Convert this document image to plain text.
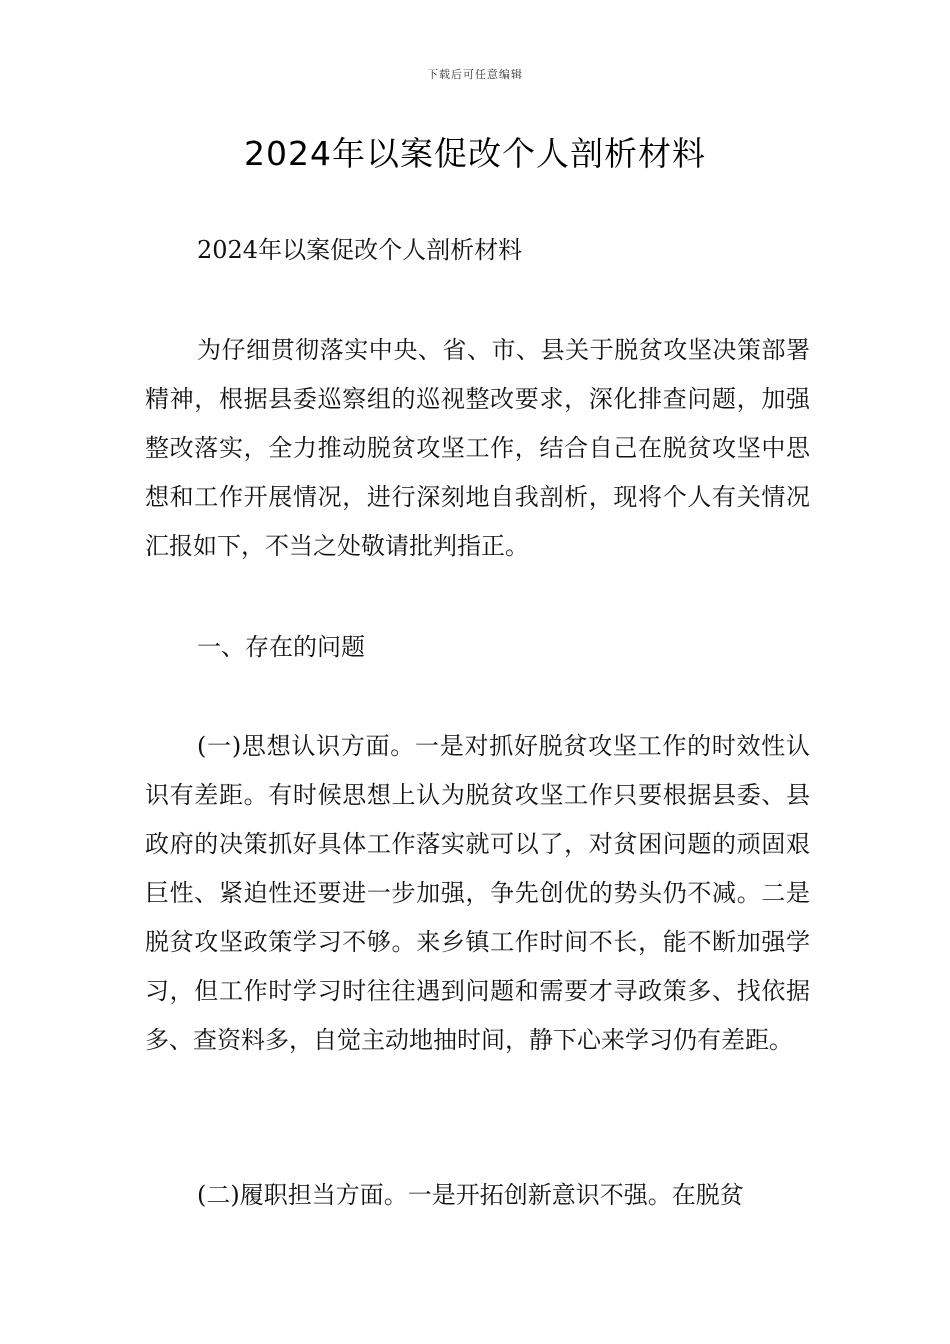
下载后可任意编辑
2024年以案促改个人剖析材料

2024年以案促改个人剖析材料

为仔细贯彻落实中央、省、市、县关于脱贫攻坚决策部署精神，根据县委巡察组的巡视整改要求，深化排查问题，加强整改落实，全力推动脱贫攻坚工作，结合自己在脱贫攻坚中思想和工作开展情况，进行深刻地自我剖析，现将个人有关情况汇报如下，不当之处敬请批判指正。

一、存在的问题

(一)思想认识方面。一是对抓好脱贫攻坚工作的时效性认识有差距。有时候思想上认为脱贫攻坚工作只要根据县委、县政府的决策抓好具体工作落实就可以了，对贫困问题的顽固艰巨性、紧迫性还要进一步加强，争先创优的势头仍不减。二是脱贫攻坚政策学习不够。来乡镇工作时间不长，能不断加强学习，但工作时学习时往往遇到问题和需要才寻政策多、找依据多、查资料多，自觉主动地抽时间，静下心来学习仍有差距。

(二)履职担当方面。一是开拓创新意识不强。在脱贫
